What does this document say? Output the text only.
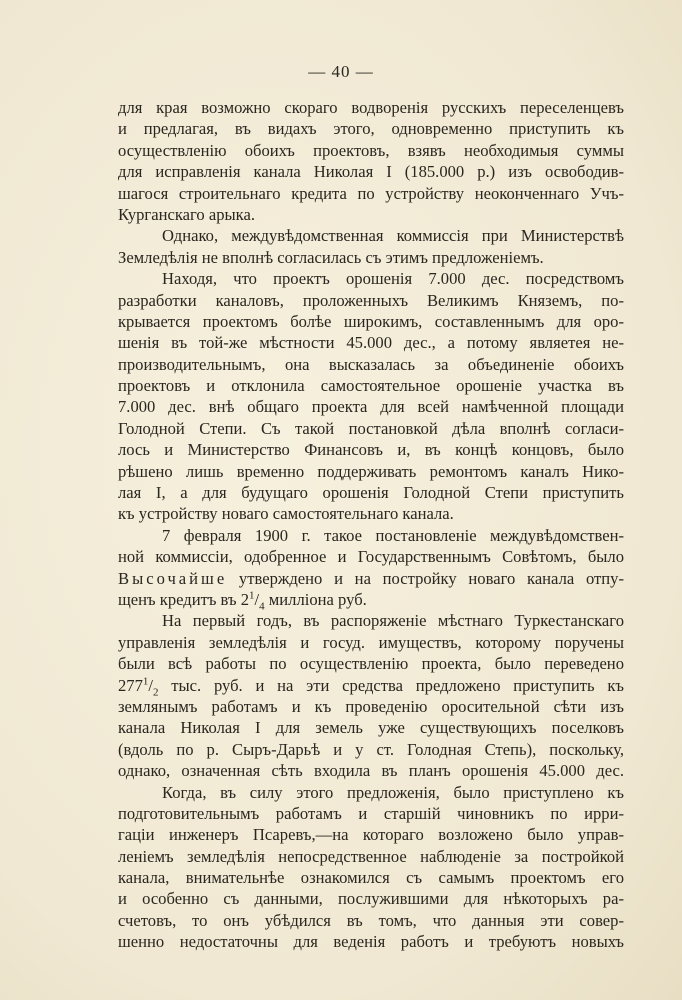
— 40 —
для края возможно скораго водворенія русскихъ переселенцевъ
и предлагая, въ видахъ этого, одновременно приступить къ
осуществленію обоихъ проектовъ, взявъ необходимыя суммы
для исправленія канала Николая I (185.000 р.) изъ освободив-
шагося строительнаго кредита по устройству неоконченнаго Учъ-
Курганскаго арыка.
Однако, междувѣдомственная коммиссія при Министерствѣ
Земледѣлія не вполнѣ согласилась съ этимъ предложеніемъ.
Находя, что проектъ орошенія 7.000 дес. посредствомъ
разработки каналовъ, проложенныхъ Великимъ Княземъ, по-
крывается проектомъ болѣе широкимъ, составленнымъ для оро-
шенія въ той-же мѣстности 45.000 дес., а потому являетея не-
производительнымъ, она высказалась за объединеніе обоихъ
проектовъ и отклонила самостоятельное орошеніе участка въ
7.000 дес. внѣ общаго проекта для всей намѣченной площади
Голодной Степи. Съ такой постановкой дѣла вполнѣ согласи-
лось и Министерство Финансовъ и, въ концѣ концовъ, было
рѣшено лишь временно поддерживать ремонтомъ каналъ Нико-
лая I, а для будущаго орошенія Голодной Степи приступить
къ устройству новаго самостоятельнаго канала.
7 февраля 1900 г. такое постановленіе междувѣдомствен-
ной коммиссіи, одобренное и Государственнымъ Совѣтомъ, было
Высочайше утверждено и на постройку новаго канала отпу-
щенъ кредитъ въ $2^1/_4$ милліона руб.
На первый годъ, въ распоряженіе мѣстнаго Туркестанскаго
управленія земледѣлія и госуд. имуществъ, которому поручены
были всѣ работы по осуществленію проекта, было переведено
$277^1/_2$ тыс. руб. и на эти средства предложено приступить къ
землянымъ работамъ и къ проведенію оросительной сѣти изъ
канала Николая I для земель уже существующихъ поселковъ
(вдоль по р. Сыръ-Дарьѣ и у ст. Голодная Степь), поскольку,
однако, означенная сѣть входила въ планъ орошенія 45.000 дес.
Когда, въ силу этого предложенія, было приступлено къ
подготовительнымъ работамъ и старшій чиновникъ по ирри-
гаціи инженеръ Псаревъ,—на котораго возложено было управ-
леніемъ земледѣлія непосредственное наблюденіе за постройкой
канала, внимательнѣе ознакомился съ самымъ проектомъ его
и особенно съ данными, послужившими для нѣкоторыхъ ра-
счетовъ, то онъ убѣдился въ томъ, что данныя эти совер-
шенно недостаточны для веденія работъ и требуютъ новыхъ
